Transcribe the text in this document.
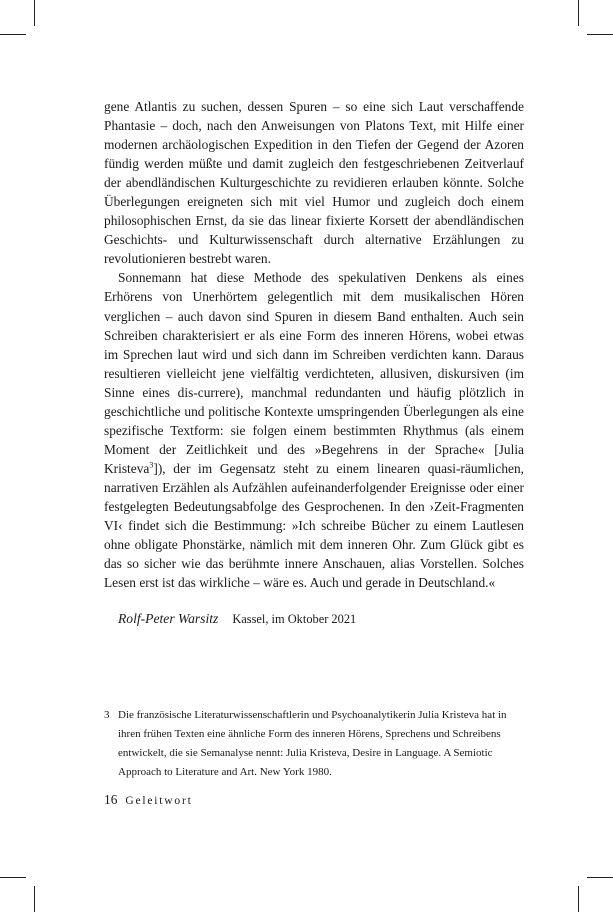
gene Atlantis zu suchen, dessen Spuren – so eine sich Laut verschaffende Phantasie – doch, nach den Anweisungen von Platons Text, mit Hilfe einer modernen archäologischen Expedition in den Tiefen der Gegend der Azoren fündig werden müßte und damit zugleich den festgeschriebenen Zeitverlauf der abendländischen Kulturgeschichte zu revidieren erlauben könnte. Solche Überlegungen ereigneten sich mit viel Humor und zugleich doch einem philosophischen Ernst, da sie das linear fixierte Korsett der abendländischen Geschichts- und Kulturwissenschaft durch alternative Erzählungen zu revolutionieren bestrebt waren.

Sonnemann hat diese Methode des spekulativen Denkens als eines Erhörens von Unerhörtem gelegentlich mit dem musikalischen Hören verglichen – auch davon sind Spuren in diesem Band enthalten. Auch sein Schreiben charakterisiert er als eine Form des inneren Hörens, wobei etwas im Sprechen laut wird und sich dann im Schreiben verdichten kann. Daraus resultieren vielleicht jene vielfältig verdichteten, allusiven, diskursiven (im Sinne eines dis-currere), manchmal redundanten und häufig plötzlich in geschichtliche und politische Kontexte umspringenden Überlegungen als eine spezifische Textform: sie folgen einem bestimmten Rhythmus (als einem Moment der Zeitlichkeit und des »Begehrens in der Sprache« [Julia Kristeva$^3$]), der im Gegensatz steht zu einem linearen quasi-räumlichen, narrativen Erzählen als Aufzählen aufeinanderfolgender Ereignisse oder einer festgelegten Bedeutungsabfolge des Gesprochenen. In den ›Zeit-Fragmenten VI‹ findet sich die Bestimmung: »Ich schreibe Bücher zu einem Lautlesen ohne obligate Phonstärke, nämlich mit dem inneren Ohr. Zum Glück gibt es das so sicher wie das berühmte innere Anschauen, alias Vorstellen. Solches Lesen erst ist das wirkliche – wäre es. Auch und gerade in Deutschland.«

Rolf-Peter Warsitz Kassel, im Oktober 2021
3 Die französische Literaturwissenschaftlerin und Psychoanalytikerin Julia Kristeva hat in ihren frühen Texten eine ähnliche Form des inneren Hörens, Sprechens und Schreibens entwickelt, die sie Semanalyse nennt: Julia Kristeva, Desire in Language. A Semiotic Approach to Literature and Art. New York 1980.
16 Geleitwort
